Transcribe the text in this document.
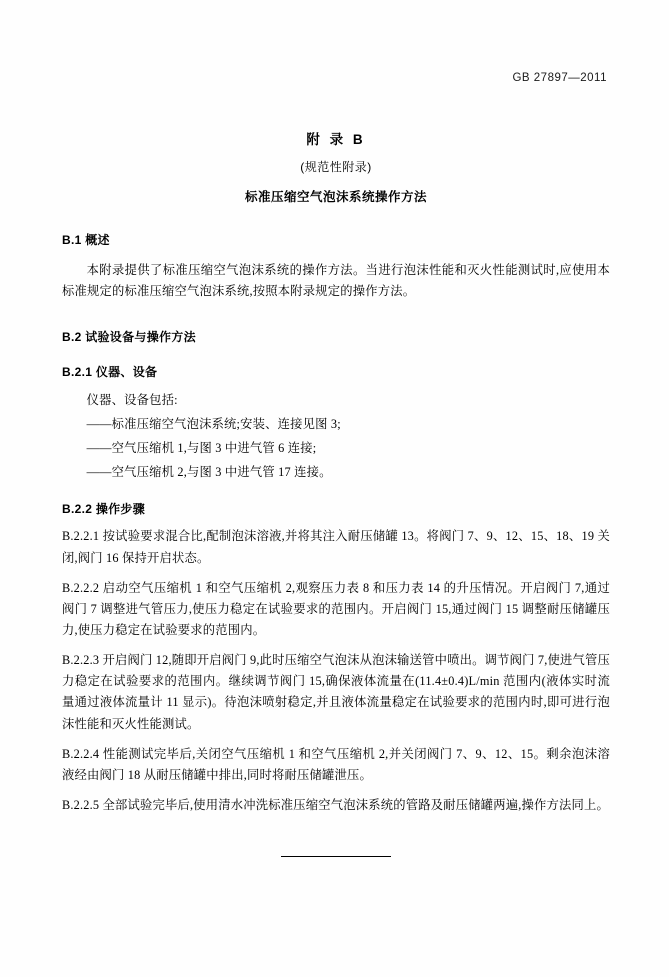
GB 27897—2011
附 录 B
(规范性附录)
标准压缩空气泡沫系统操作方法
B.1 概述

本附录提供了标准压缩空气泡沫系统的操作方法。当进行泡沫性能和灭火性能测试时,应使用本标准规定的标准压缩空气泡沫系统,按照本附录规定的操作方法。

B.2 试验设备与操作方法
B.2.1 仪器、设备

仪器、设备包括:

——标准压缩空气泡沫系统;安装、连接见图 3;

——空气压缩机 1,与图 3 中进气管 6 连接;

——空气压缩机 2,与图 3 中进气管 17 连接。

B.2.2 操作步骤

B.2.2.1 按试验要求混合比,配制泡沫溶液,并将其注入耐压储罐 13。将阀门 7、9、12、15、18、19 关闭,阀门 16 保持开启状态。

B.2.2.2 启动空气压缩机 1 和空气压缩机 2,观察压力表 8 和压力表 14 的升压情况。开启阀门 7,通过阀门 7 调整进气管压力,使压力稳定在试验要求的范围内。开启阀门 15,通过阀门 15 调整耐压储罐压力,使压力稳定在试验要求的范围内。

B.2.2.3 开启阀门 12,随即开启阀门 9,此时压缩空气泡沫从泡沫输送管中喷出。调节阀门 7,使进气管压力稳定在试验要求的范围内。继续调节阀门 15,确保液体流量在(11.4±0.4)L/min 范围内(液体实时流量通过液体流量计 11 显示)。待泡沫喷射稳定,并且液体流量稳定在试验要求的范围内时,即可进行泡沫性能和灭火性能测试。

B.2.2.4 性能测试完毕后,关闭空气压缩机 1 和空气压缩机 2,并关闭阀门 7、9、12、15。剩余泡沫溶液经由阀门 18 从耐压储罐中排出,同时将耐压储罐泄压。

B.2.2.5 全部试验完毕后,使用清水冲洗标准压缩空气泡沫系统的管路及耐压储罐两遍,操作方法同上。
